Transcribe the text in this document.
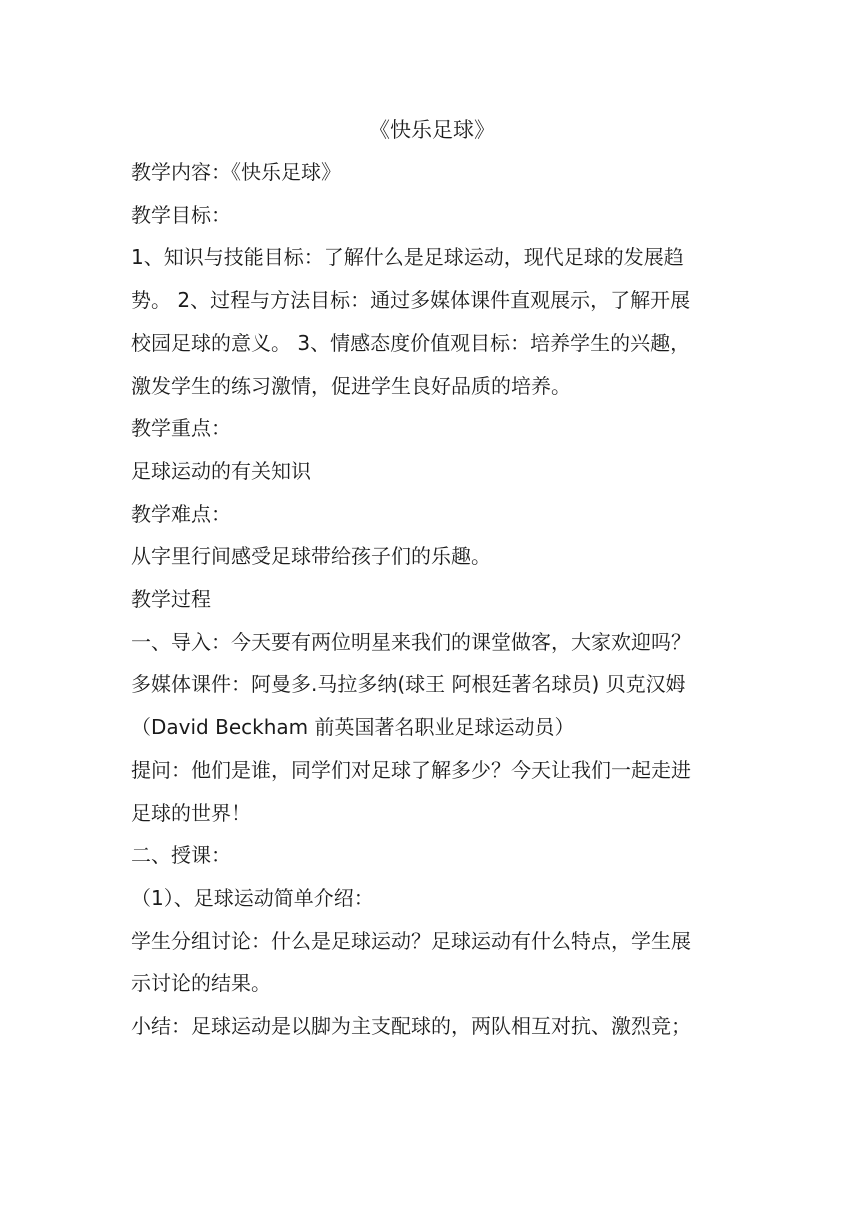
《快乐足球》
教学内容：《快乐足球》
教学目标：
1、知识与技能目标：了解什么是足球运动，现代足球的发展趋
势。 2、过程与方法目标：通过多媒体课件直观展示，了解开展
校园足球的意义。 3、情感态度价值观目标：培养学生的兴趣，
激发学生的练习激情，促进学生良好品质的培养。
教学重点：
足球运动的有关知识
教学难点：
从字里行间感受足球带给孩子们的乐趣。
教学过程
一、导入：今天要有两位明星来我们的课堂做客，大家欢迎吗？
多媒体课件：阿曼多.马拉多纳(球王 阿根廷著名球员) 贝克汉姆
（David Beckham 前英国著名职业足球运动员）
提问：他们是谁，同学们对足球了解多少？今天让我们一起走进
足球的世界！
二、授课：
（1）、足球运动简单介绍：
学生分组讨论：什么是足球运动？足球运动有什么特点，学生展
示讨论的结果。
小结：足球运动是以脚为主支配球的，两队相互对抗、激烈竞；
